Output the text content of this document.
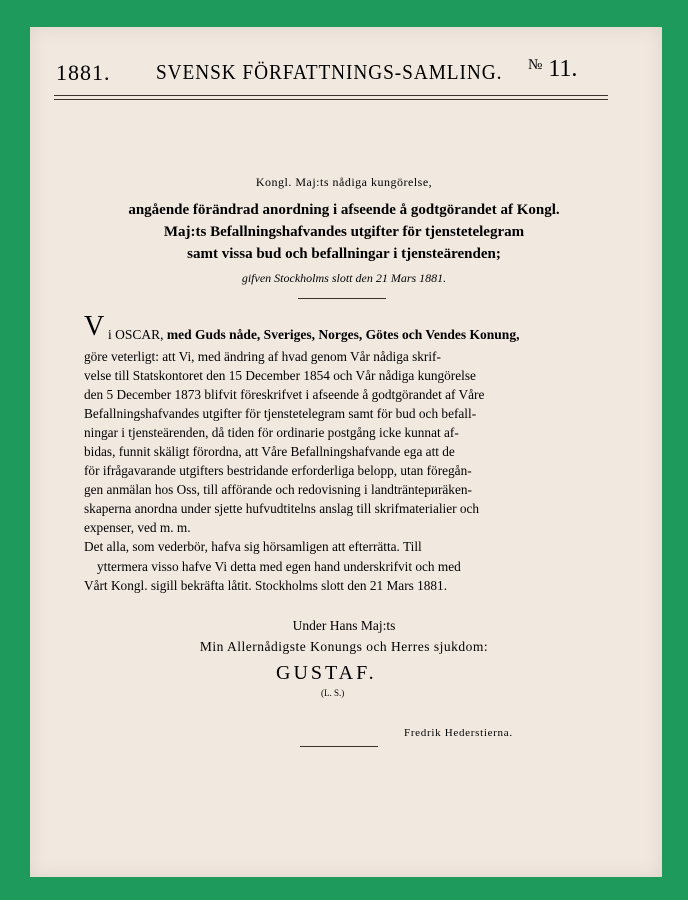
1881. SVENSK FÖRFATTNINGS-SAMLING. № 11.
Kongl. Maj:ts nådiga kungörelse,
angående förändrad anordning i afseende å godtgörandet af Kongl.
Maj:ts Befallningshafvandes utgifter för tjenstetelegram
samt vissa bud och befallningar i tjensteärenden;
gifven Stockholms slott den 21 Mars 1881.
V i OSCAR, med Guds nåde, Sveriges, Norges, Götes och Vendes Konung,
göre veterligt: att Vi, med ändring af hvad genom Vår nådiga skrif-
velse till Statskontoret den 15 December 1854 och Vår nådiga kungörelse
den 5 December 1873 blifvit föreskrifvet i afseende å godtgörandet af Våre
Befallningshafvandes utgifter för tjenstetelegram samt för bud och befall-
ningar i tjensteärenden, då tiden för ordinarie postgång icke kunnat af-
bidas, funnit skäligt förordna, att Våre Befallningshafvande ega att de
för ifrågavarande utgifters bestridande erforderliga belopp, utan föregån-
gen anmälan hos Oss, till afförande och redovisning i landträntериräken-
skaperna anordna under sjette hufvudtitelns anslag till skrifmaterialier och
expenser, ved m. m.
Det alla, som vederbör, hafva sig hörsamligen att efterrätta. Till
yttermera visso hafve Vi detta med egen hand underskrifvit och med
Vårt Kongl. sigill bekräfta låtit. Stockholms slott den 21 Mars 1881.
Under Hans Maj:ts
Min Allernådigste Konungs och Herres sjukdom:
GUSTAF.
(L. S.)
Fredrik Hederstierna.
